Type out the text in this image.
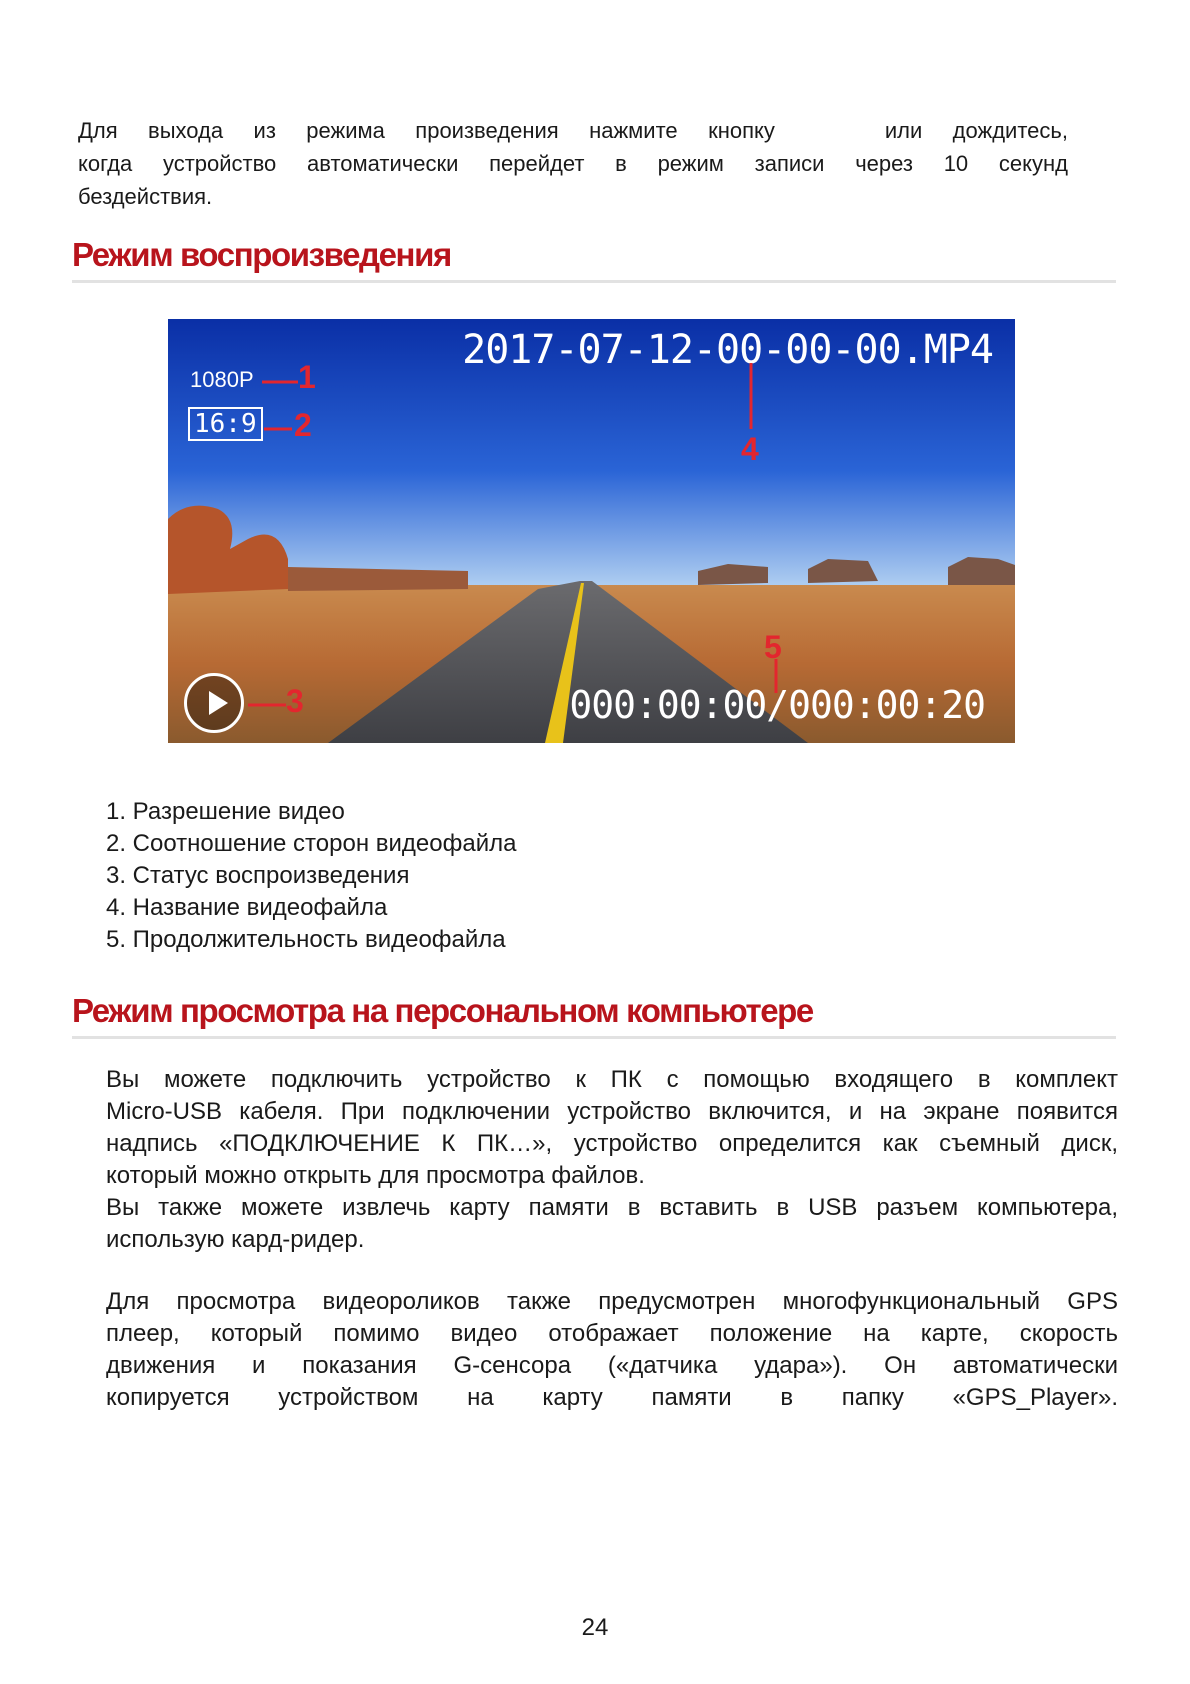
Для выхода из режима произведения нажмите кнопку	или дождитесь,
когда устройство автоматически перейдет в режим записи через 10 секунд
бездействия.
Режим воспроизведения
2017-07-12-00-00-00.MP4
1080P
16:9
000:00:00/000:00:20
1
2
3
4
5
1. Разрешение видео
2. Соотношение сторон видеофайла
3. Статус воспроизведения
4. Название видеофайла
5. Продолжительность видеофайла
Режим просмотра на персональном компьютере
Вы можете подключить устройство к ПК с помощью входящего в комплект
Micro-USB кабеля. При подключении устройство включится, и на экране появится
надпись «ПОДКЛЮЧЕНИЕ К ПК…», устройство определится как съемный диск,
который можно открыть для просмотра файлов.
Вы также можете извлечь карту памяти в вставить в USB разъем компьютера,
использую кард-ридер.
Для просмотра видеороликов также предусмотрен многофункциональный GPS
плеер, который помимо видео отображает положение на карте, скорость
движения и показания G-сенсора («датчика удара»). Он автоматически
копируется устройством на карту памяти в папку «GPS_Player».
24
